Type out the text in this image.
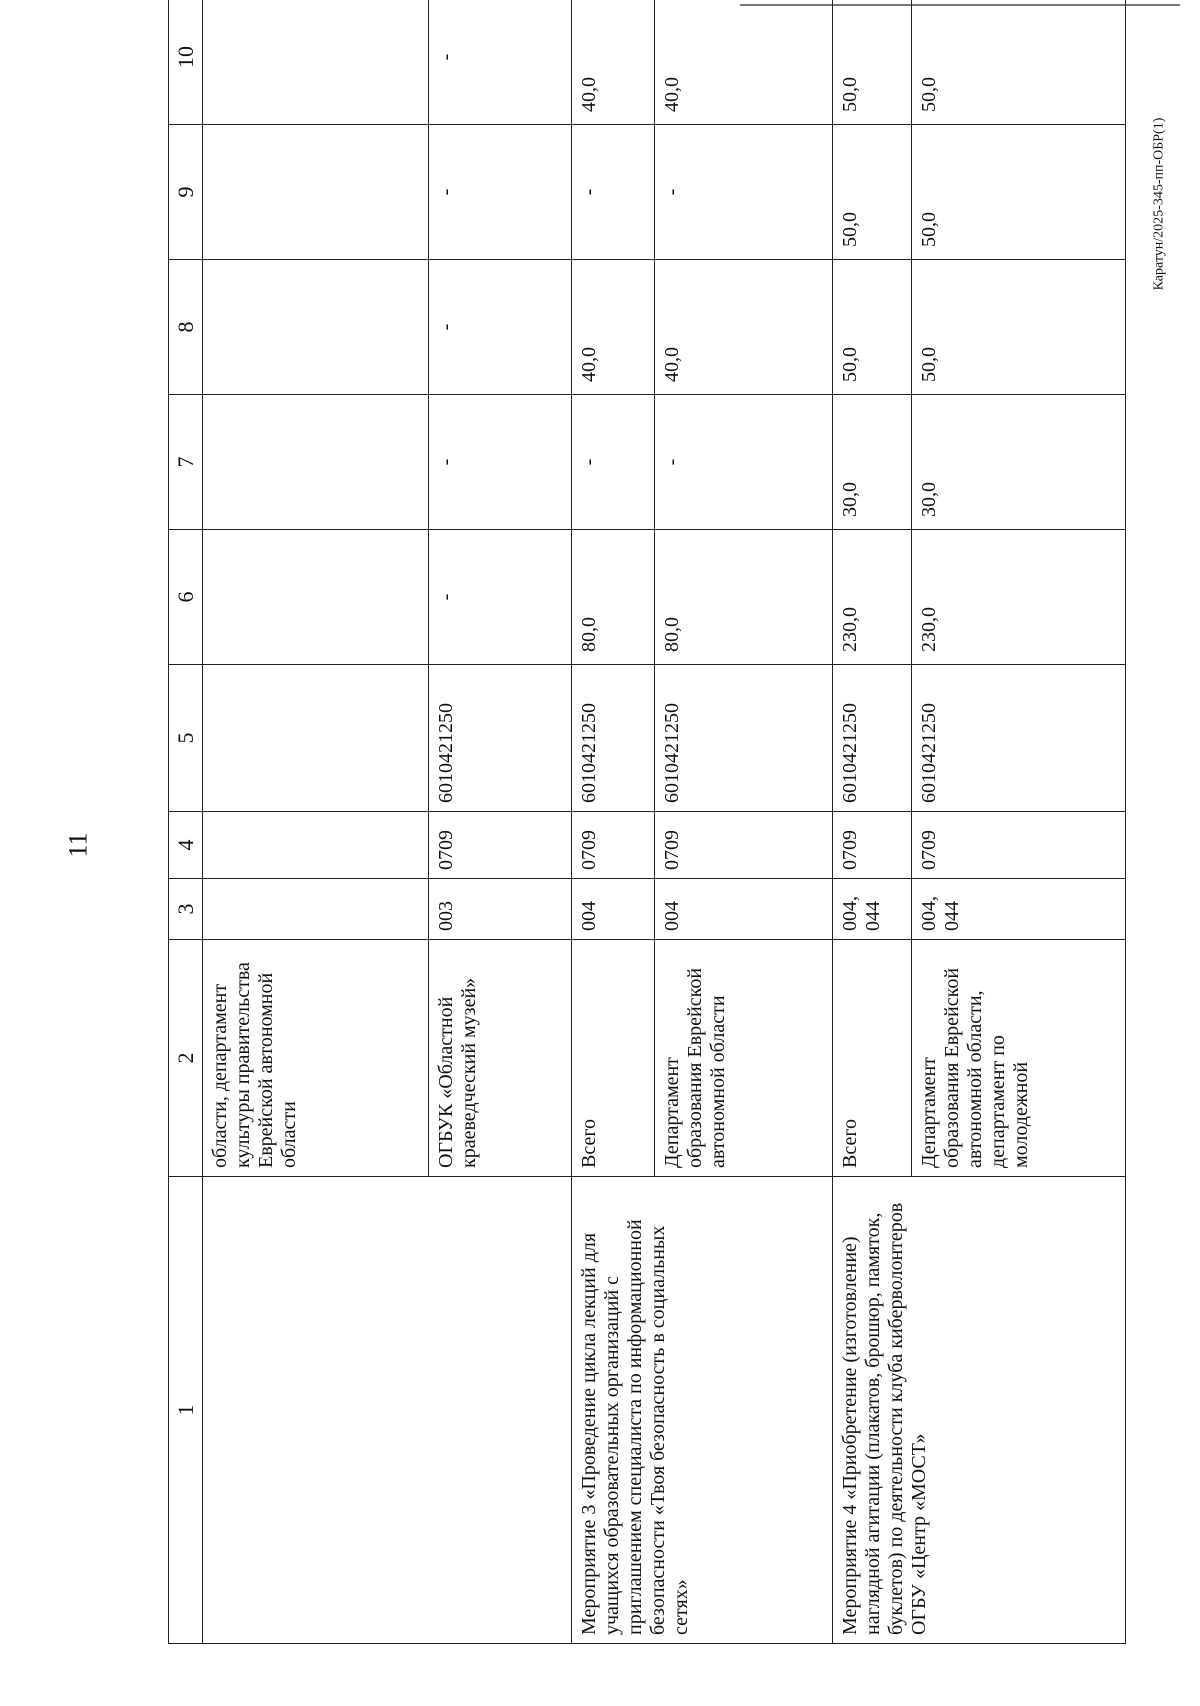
11
Каратун/2025-345-пп-ОБР(1)
1	2	3	4	5	6	7	8	9	10	
	области, департамент культуры правительства Еврейской автономной области									
	ОГБУК «Областной краеведческий музей»	003	0709	6010421250	-	-	-	-	-	
Мероприятие 3 «Проведение цикла лекций для учащихся образовательных организаций с приглашением специалиста по информационной безопасности «Твоя безопасность в социальных сетях»	Всего	004	0709	6010421250	80,0	-	40,0	-	40,0	
	Департамент образования Еврейской автономной области	004	0709	6010421250	80,0	-	40,0	-	40,0	
Мероприятие 4 «Приобретение (изготовление) наглядной агитации (плакатов, брошюр, памяток, буклетов) по деятельности клуба киберволонтеров ОГБУ «Центр «МОСТ»	Всего	004, 044	0709	6010421250	230,0	30,0	50,0	50,0	50,0	
	Департамент образования Еврейской автономной области, департамент по молодежной	004, 044	0709	6010421250	230,0	30,0	50,0	50,0	50,0	
